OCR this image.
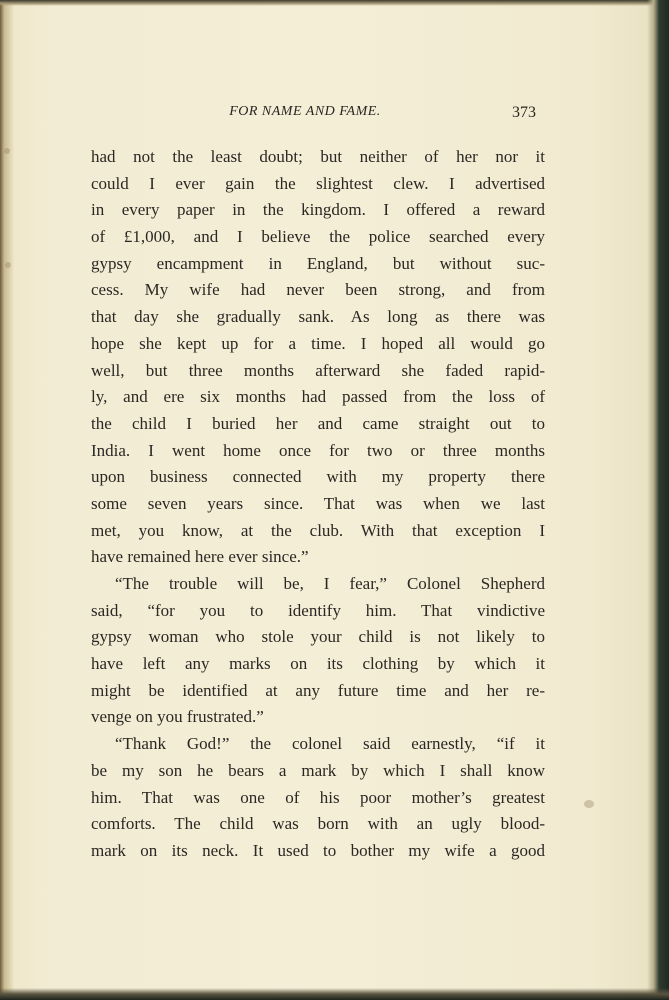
FOR NAME AND FAME.	373
had not the least doubt; but neither of her nor it
could I ever gain the slightest clew. I advertised
in every paper in the kingdom. I offered a reward
of £1,000, and I believe the police searched every
gypsy encampment in England, but without suc-
cess. My wife had never been strong, and from
that day she gradually sank. As long as there was
hope she kept up for a time. I hoped all would go
well, but three months afterward she faded rapid-
ly, and ere six months had passed from the loss of
the child I buried her and came straight out to
India. I went home once for two or three months
upon business connected with my property there
some seven years since. That was when we last
met, you know, at the club. With that exception I
have remained here ever since.”
“The trouble will be, I fear,” Colonel Shepherd
said, “for you to identify him. That vindictive
gypsy woman who stole your child is not likely to
have left any marks on its clothing by which it
might be identified at any future time and her re-
venge on you frustrated.”
“Thank God!” the colonel said earnestly, “if it
be my son he bears a mark by which I shall know
him. That was one of his poor mother’s greatest
comforts. The child was born with an ugly blood-
mark on its neck. It used to bother my wife a good
